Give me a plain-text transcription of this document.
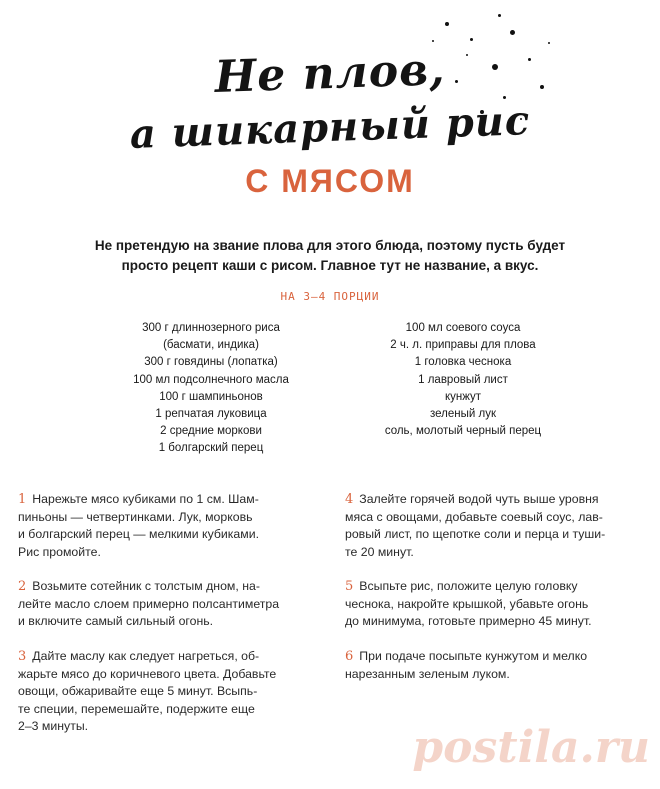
Не плов,
а шикарный рис
С МЯСОМ
Не претендую на звание плова для этого блюда, поэтому пусть будет
просто рецепт каши с рисом. Главное тут не название, а вкус.
НА 3–4 ПОРЦИИ
300 г длиннозерного риса
(басмати, индика)
300 г говядины (лопатка)
100 мл подсолнечного масла
100 г шампиньонов
1 репчатая луковица
2 средние моркови
1 болгарский перец
100 мл соевого соуса
2 ч. л. приправы для плова
1 головка чеснока
1 лавровый лист
кунжут
зеленый лук
соль, молотый черный перец
1 Нарежьте мясо кубиками по 1 см. Шам-
пиньоны — четвертинками. Лук, морковь
и болгарский перец — мелкими кубиками.
Рис промойте.
2 Возьмите сотейник с толстым дном, на-
лейте масло слоем примерно полсантиметра
и включите самый сильный огонь.
3 Дайте маслу как следует нагреться, об-
жарьте мясо до коричневого цвета. Добавьте
овощи, обжаривайте еще 5 минут. Всыпь-
те специи, перемешайте, подержите еще
2–3 минуты.
4 Залейте горячей водой чуть выше уровня
мяса с овощами, добавьте соевый соус, лав-
ровый лист, по щепотке соли и перца и туши-
те 20 минут.
5 Всыпьте рис, положите целую головку
чеснока, накройте крышкой, убавьте огонь
до минимума, готовьте примерно 45 минут.
6 При подаче посыпьте кунжутом и мелко
нарезанным зеленым луком.
postila.ru
